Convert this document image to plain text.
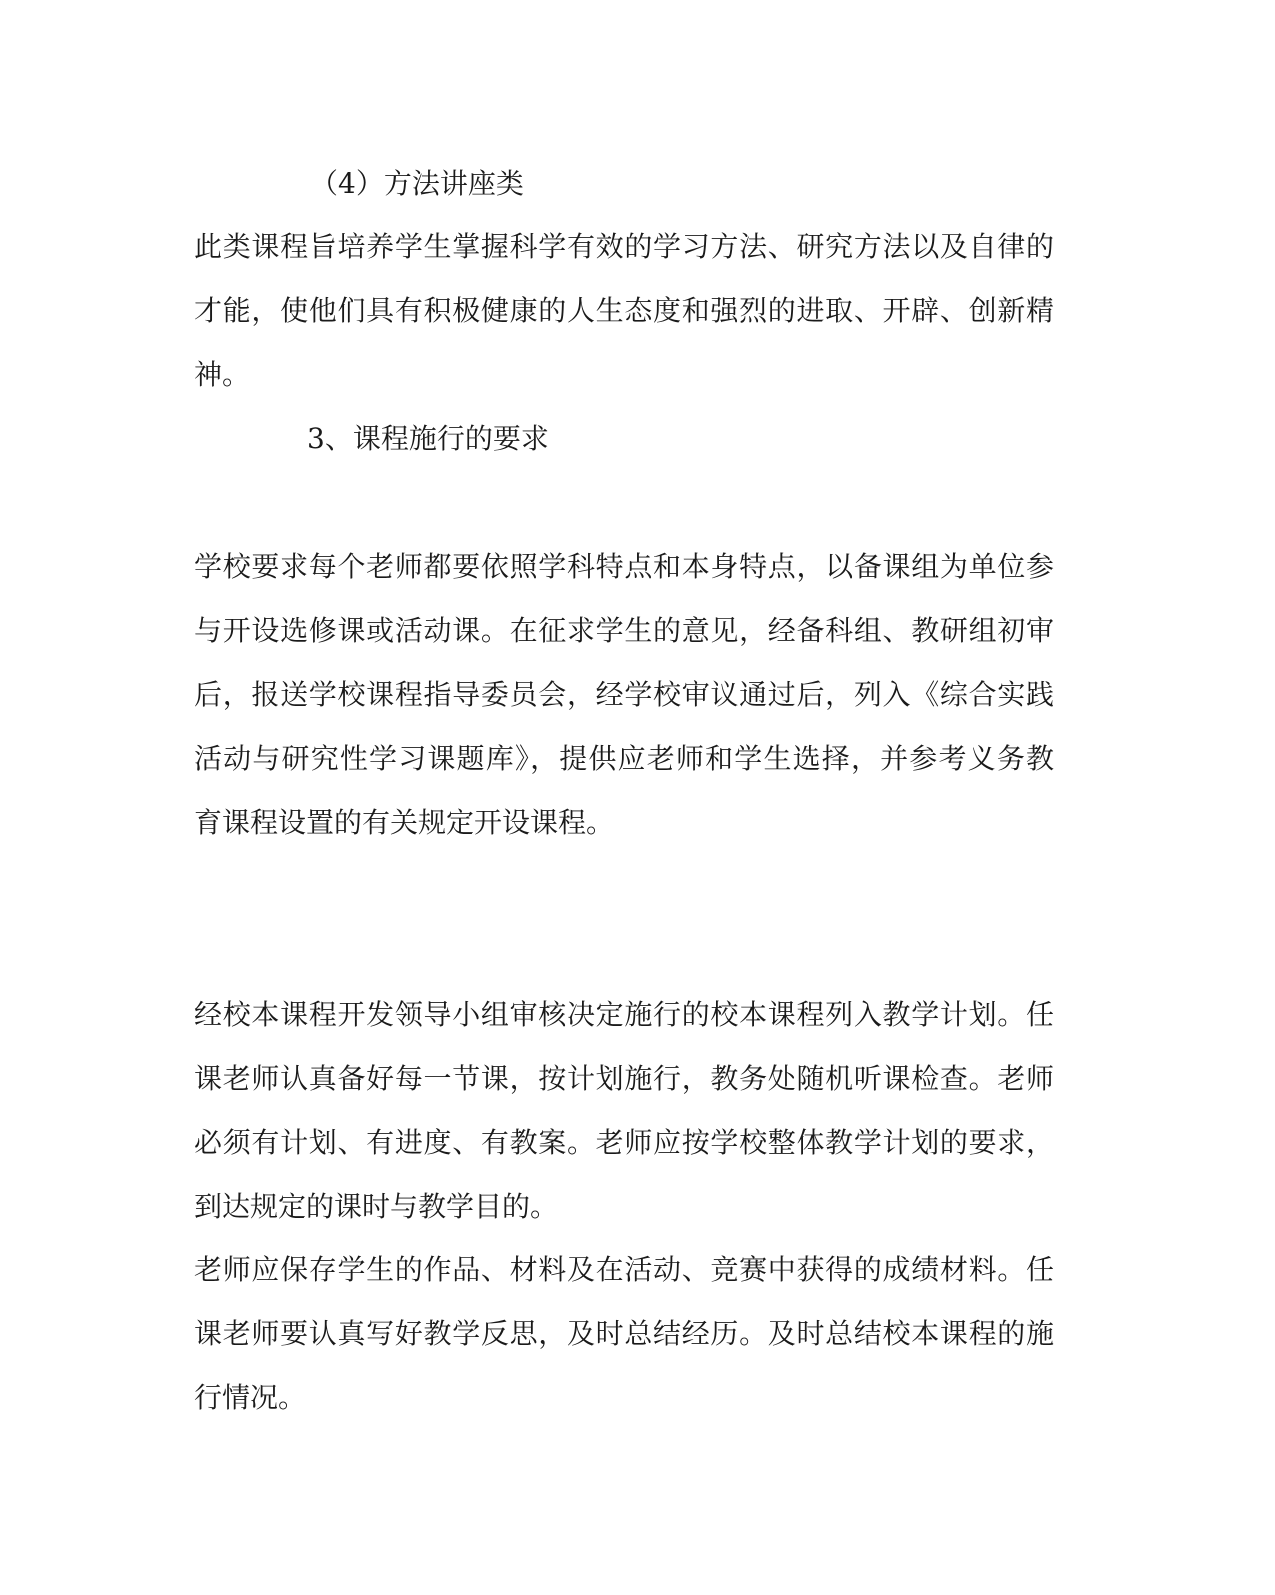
（4）方法讲座类
此类课程旨培养学生掌握科学有效的学习方法、研究方法以及自律的
才能，使他们具有积极健康的人生态度和强烈的进取、开辟、创新精
神。
3、课程施行的要求
学校要求每个老师都要依照学科特点和本身特点，以备课组为单位参
与开设选修课或活动课。在征求学生的意见，经备科组、教研组初审
后，报送学校课程指导委员会，经学校审议通过后，列入《综合实践
活动与研究性学习课题库》，提供应老师和学生选择，并参考义务教
育课程设置的有关规定开设课程。
经校本课程开发领导小组审核决定施行的校本课程列入教学计划。任
课老师认真备好每一节课，按计划施行，教务处随机听课检查。老师
必须有计划、有进度、有教案。老师应按学校整体教学计划的要求，
到达规定的课时与教学目的。
老师应保存学生的作品、材料及在活动、竞赛中获得的成绩材料。任
课老师要认真写好教学反思，及时总结经历。及时总结校本课程的施
行情况。
